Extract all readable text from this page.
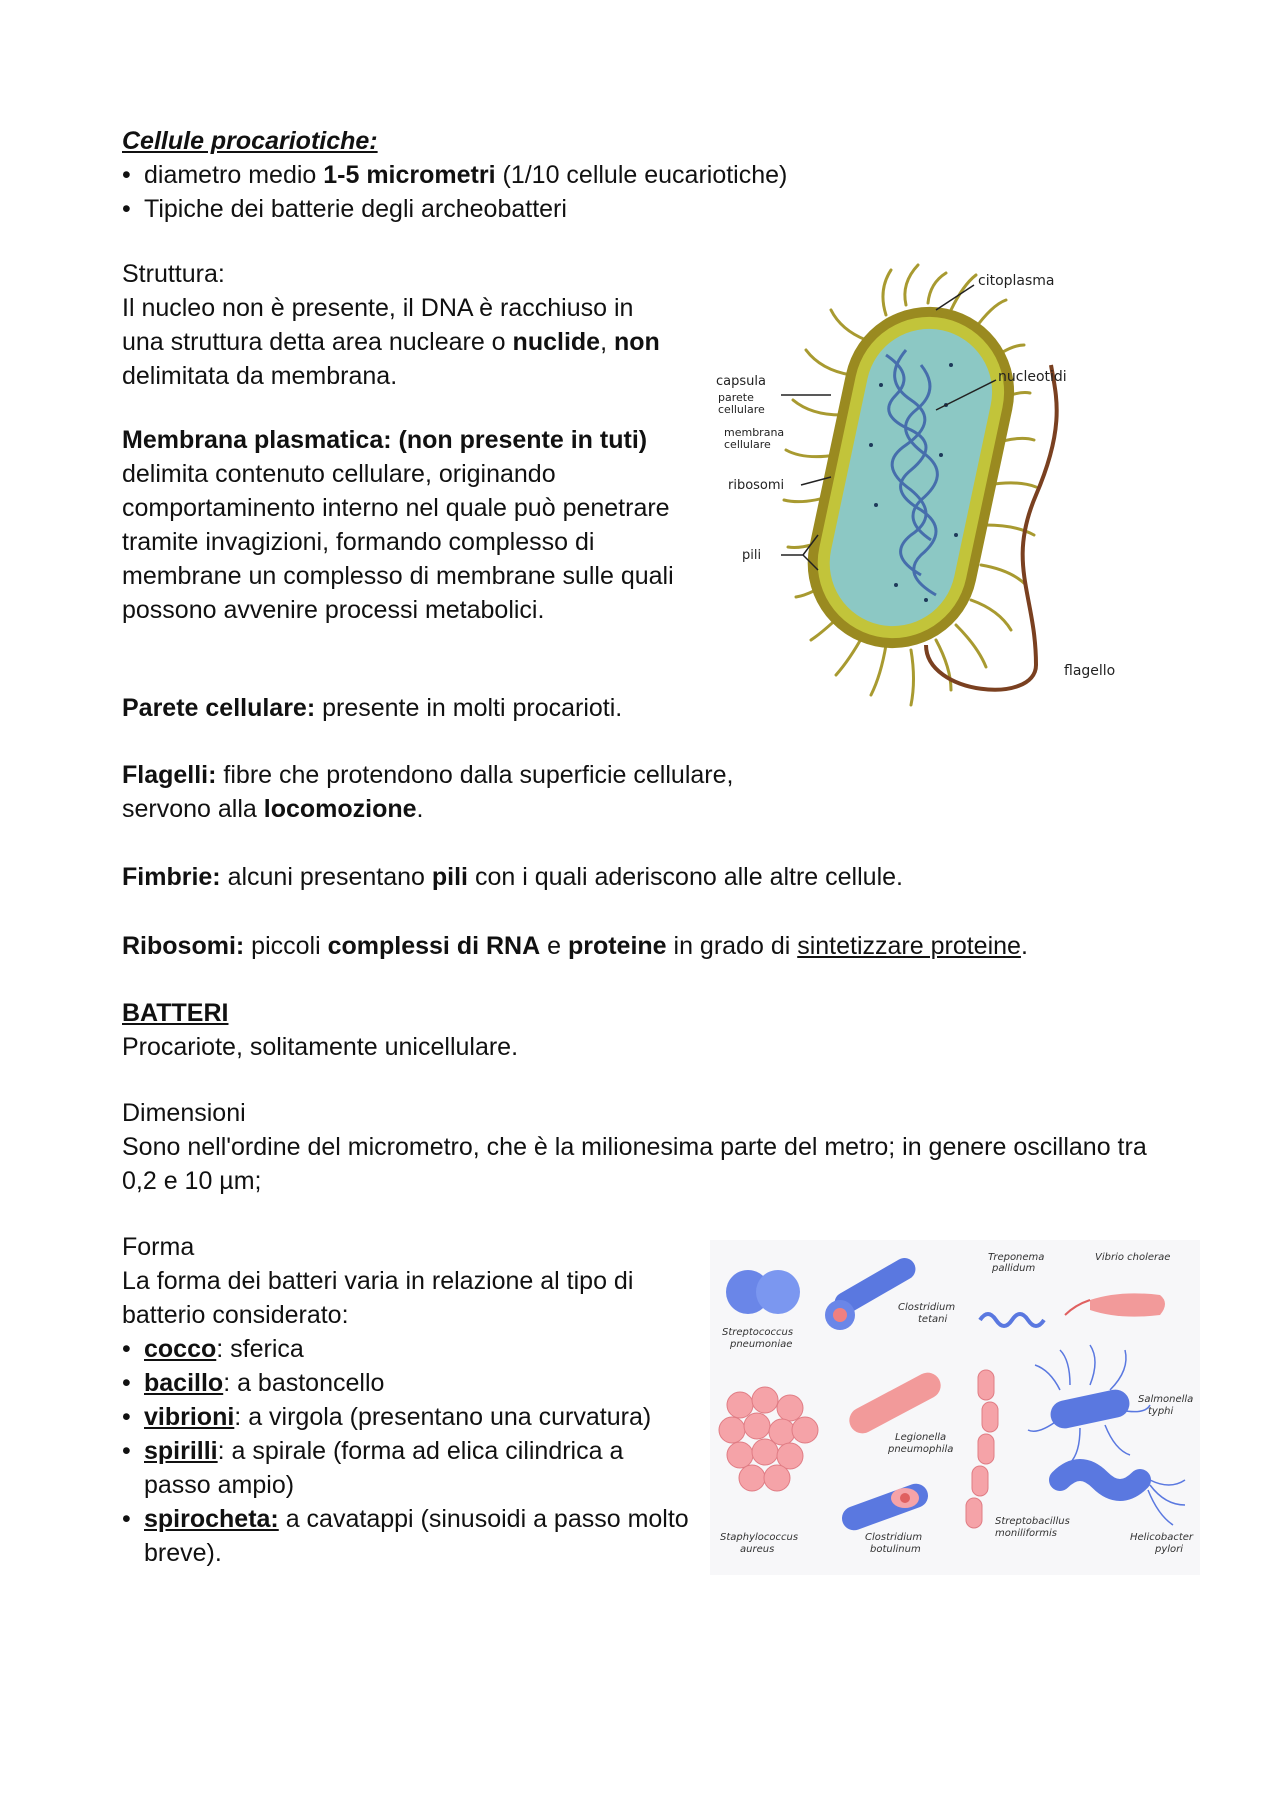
Cellule procariotiche:

• diametro medio 1-5 micrometri (1/10 cellule eucariotiche)
• Tipiche dei batterie degli archeobatteri

Struttura:

Il nucleo non è presente, il DNA è racchiuso in una struttura detta area nucleare o nuclide, non delimitata da membrana.

Membrana plasmatica: (non presente in tuti) delimita contenuto cellulare, originando comportaminento interno nel quale può penetrare tramite invagizioni, formando complesso di membrane un complesso di membrane sulle quali possono avvenire processi metabolici.

Parete cellulare: presente in molti procarioti.

Flagelli: fibre che protendono dalla superficie cellulare, servono alla locomozione.

Fimbrie: alcuni presentano pili con i quali aderiscono alle altre cellule.

Ribosomi: piccoli complessi di RNA e proteine in grado di sintetizzare proteine.

BATTERI

Procariote, solitamente unicellulare.

Dimensioni

Sono nell'ordine del micrometro, che è la milionesima parte del metro; in genere oscillano tra 0,2 e 10 µm;

Forma

La forma dei batteri varia in relazione al tipo di batterio considerato:

• cocco: sferica
• bacillo: a bastoncello
• vibrioni: a virgola (presentano una curvatura)
• spirilli: a spirale (forma ad elica cilindrica a passo ampio)
• spirocheta: a cavatappi (sinusoidi a passo molto breve).
citoplasma
nucleotidi
capsula
parete
cellulare
membrana
cellulare
ribosomi
pili
flagello
Streptococcus
pneumoniae
Clostridium
tetani
Treponema
pallidum
Vibrio cholerae
Staphylococcus
aureus
Legionella
pneumophila
Streptobacillus
moniliformis
Salmonella
typhi
Clostridium
botulinum
Helicobacter
pylori
